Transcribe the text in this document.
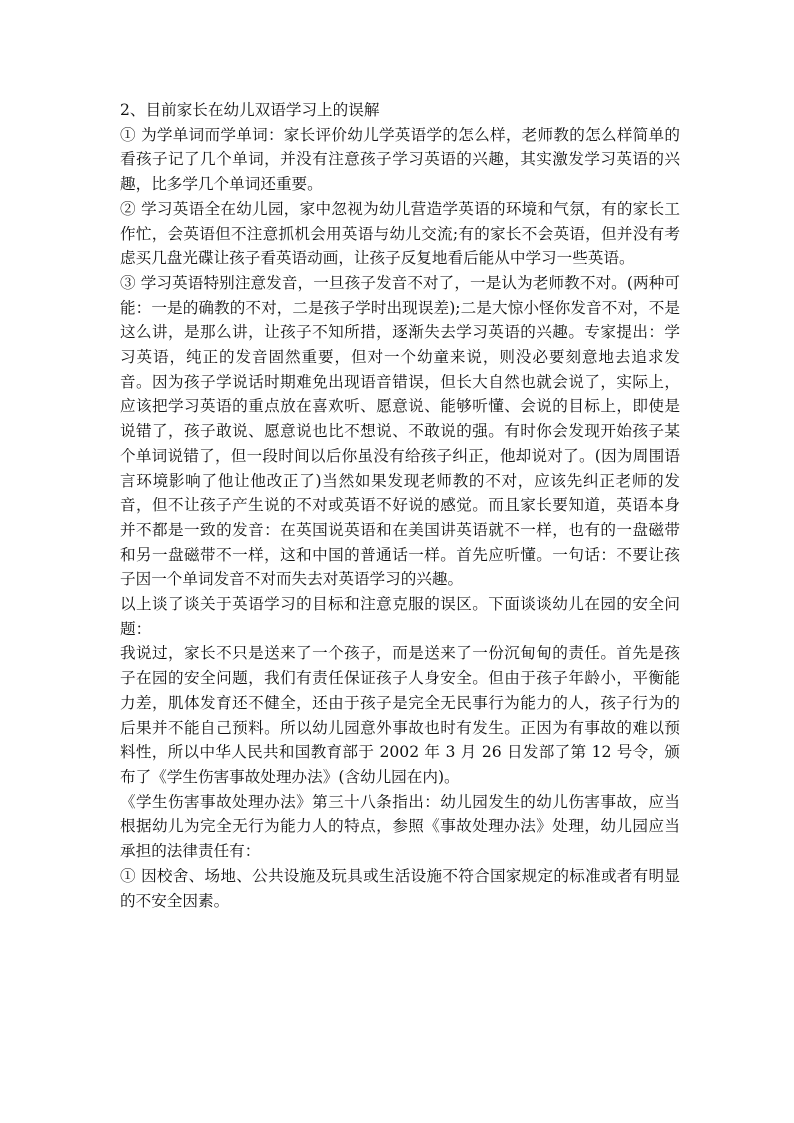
2、目前家长在幼儿双语学习上的误解

① 为学单词而学单词：家长评价幼儿学英语学的怎么样，老师教的怎么样简单的看孩子记了几个单词，并没有注意孩子学习英语的兴趣，其实激发学习英语的兴趣，比多学几个单词还重要。

② 学习英语全在幼儿园，家中忽视为幼儿营造学英语的环境和气氛，有的家长工作忙，会英语但不注意抓机会用英语与幼儿交流;有的家长不会英语，但并没有考虑买几盘光碟让孩子看英语动画，让孩子反复地看后能从中学习一些英语。

③ 学习英语特别注意发音，一旦孩子发音不对了，一是认为老师教不对。(两种可能：一是的确教的不对，二是孩子学时出现误差);二是大惊小怪你发音不对，不是这么讲，是那么讲，让孩子不知所措，逐渐失去学习英语的兴趣。专家提出：学习英语，纯正的发音固然重要，但对一个幼童来说，则没必要刻意地去追求发音。因为孩子学说话时期难免出现语音错误，但长大自然也就会说了，实际上，应该把学习英语的重点放在喜欢听、愿意说、能够听懂、会说的目标上，即使是说错了，孩子敢说、愿意说也比不想说、不敢说的强。有时你会发现开始孩子某个单词说错了，但一段时间以后你虽没有给孩子纠正，他却说对了。(因为周围语言环境影响了他让他改正了)当然如果发现老师教的不对，应该先纠正老师的发音，但不让孩子产生说的不对或英语不好说的感觉。而且家长要知道，英语本身并不都是一致的发音：在英国说英语和在美国讲英语就不一样，也有的一盘磁带和另一盘磁带不一样，这和中国的普通话一样。首先应听懂。一句话：不要让孩子因一个单词发音不对而失去对英语学习的兴趣。

以上谈了谈关于英语学习的目标和注意克服的误区。下面谈谈幼儿在园的安全问题：

我说过，家长不只是送来了一个孩子，而是送来了一份沉甸甸的责任。首先是孩子在园的安全问题，我们有责任保证孩子人身安全。但由于孩子年龄小，平衡能力差，肌体发育还不健全，还由于孩子是完全无民事行为能力的人，孩子行为的后果并不能自己预料。所以幼儿园意外事故也时有发生。正因为有事故的难以预料性，所以中华人民共和国教育部于 2002 年 3 月 26 日发部了第 12 号令，颁布了《学生伤害事故处理办法》(含幼儿园在内)。

《学生伤害事故处理办法》第三十八条指出：幼儿园发生的幼儿伤害事故，应当根据幼儿为完全无行为能力人的特点，参照《事故处理办法》处理，幼儿园应当承担的法律责任有：

① 因校舍、场地、公共设施及玩具或生活设施不符合国家规定的标准或者有明显的不安全因素。
